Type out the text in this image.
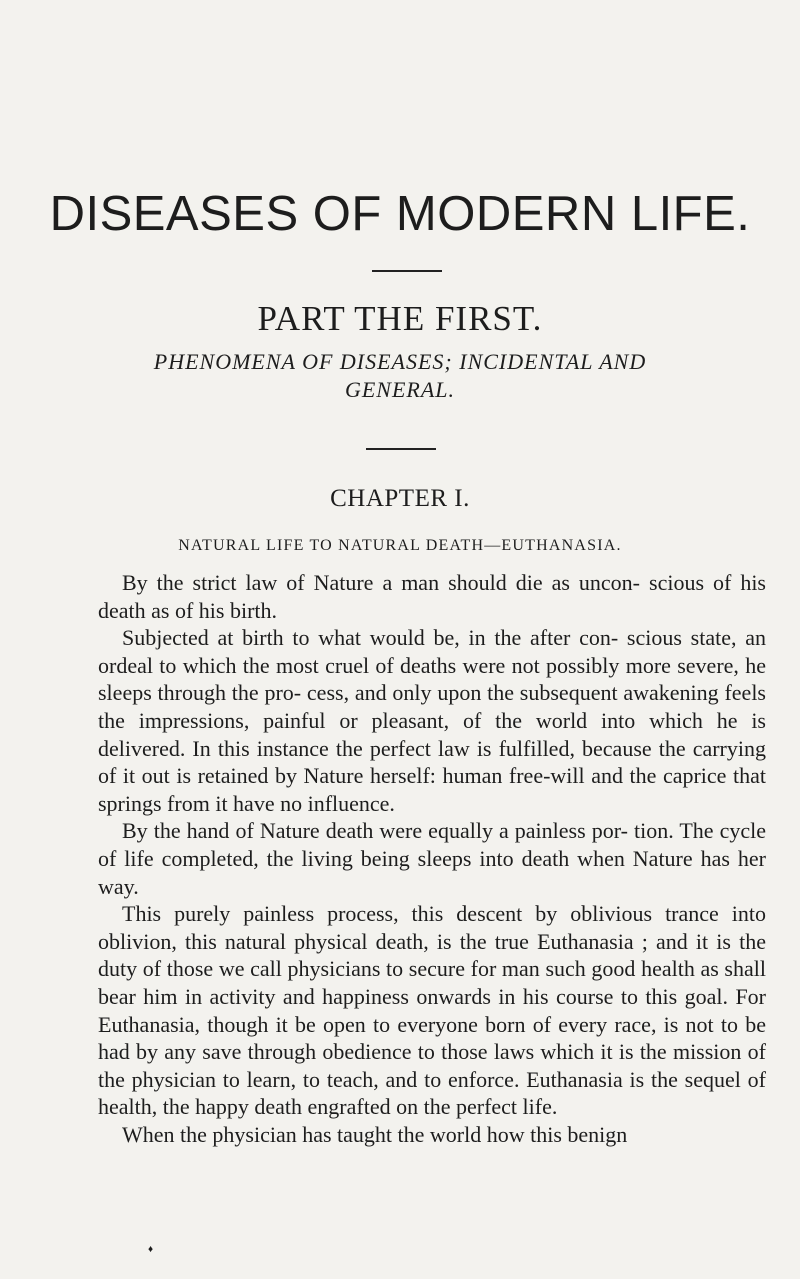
DISEASES OF MODERN LIFE.
PART THE FIRST.
PHENOMENA OF DISEASES; INCIDENTAL AND
GENERAL.
CHAPTER I.
NATURAL LIFE TO NATURAL DEATH—EUTHANASIA.

By the strict law of Nature a man should die as uncon- scious of his death as of his birth.

Subjected at birth to what would be, in the after con- scious state, an ordeal to which the most cruel of deaths were not possibly more severe, he sleeps through the pro- cess, and only upon the subsequent awakening feels the impressions, painful or pleasant, of the world into which he is delivered. In this instance the perfect law is fulfilled, because the carrying of it out is retained by Nature herself: human free-will and the caprice that springs from it have no influence.

By the hand of Nature death were equally a painless por- tion. The cycle of life completed, the living being sleeps into death when Nature has her way.

This purely painless process, this descent by oblivious trance into oblivion, this natural physical death, is the true Euthanasia ; and it is the duty of those we call physicians to secure for man such good health as shall bear him in activity and happiness onwards in his course to this goal. For Euthanasia, though it be open to everyone born of every race, is not to be had by any save through obedience to those laws which it is the mission of the physician to learn, to teach, and to enforce. Euthanasia is the sequel of health, the happy death engrafted on the perfect life.

When the physician has taught the world how this benign

♦
